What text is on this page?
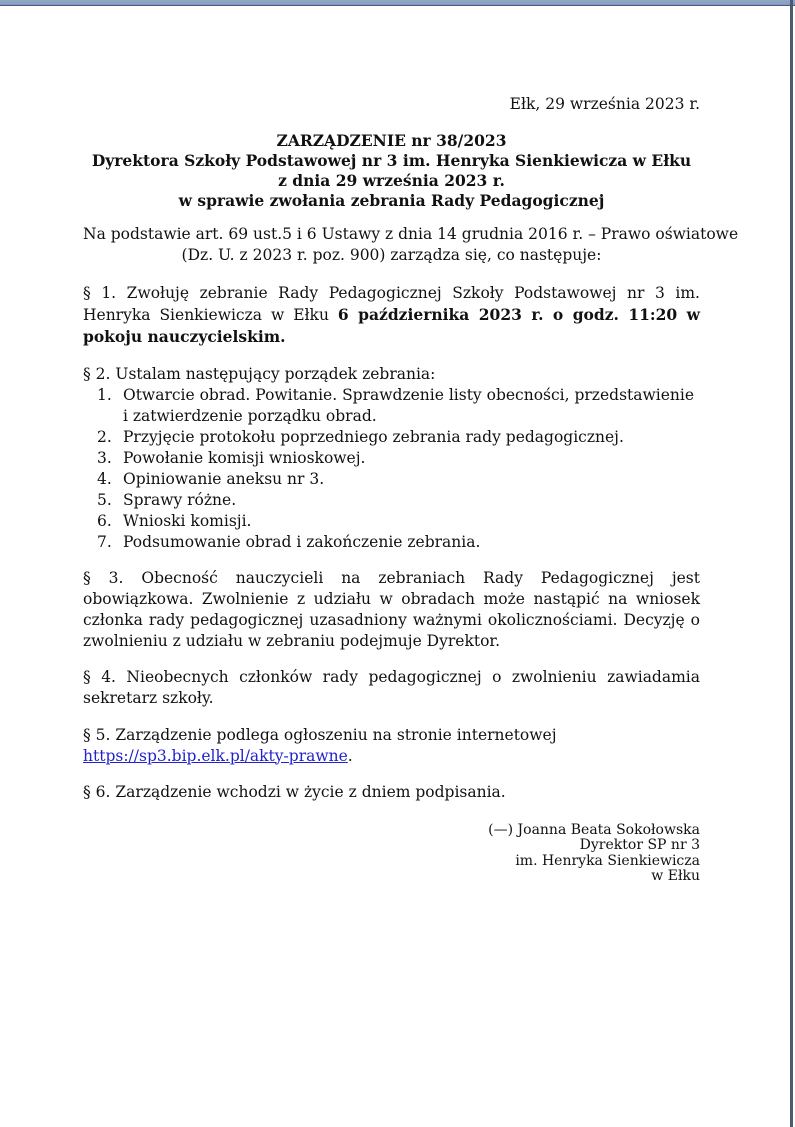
Ełk, 29 września 2023 r.
ZARZĄDZENIE nr 38/2023
Dyrektora Szkoły Podstawowej nr 3 im. Henryka Sienkiewicza w Ełku
z dnia 29 września 2023 r.
w sprawie zwołania zebrania Rady Pedagogicznej
Na podstawie art. 69 ust.5 i 6 Ustawy z dnia 14 grudnia 2016 r. – Prawo oświatowe
(Dz. U. z 2023 r. poz. 900) zarządza się, co następuje:

§ 1. Zwołuję zebranie Rady Pedagogicznej Szkoły Podstawowej nr 3 im. Henryka Sienkiewicza w Ełku 6 października 2023 r. o godz. 11:20 w pokoju nauczycielskim.

§ 2. Ustalam następujący porządek zebrania:
1. Otwarcie obrad. Powitanie. Sprawdzenie listy obecności, przedstawienie i zatwierdzenie porządku obrad.
2. Przyjęcie protokołu poprzedniego zebrania rady pedagogicznej.
3. Powołanie komisji wnioskowej.
4. Opiniowanie aneksu nr 3.
5. Sprawy różne.
6. Wnioski komisji.
7. Podsumowanie obrad i zakończenie zebrania.

§ 3. Obecność nauczycieli na zebraniach Rady Pedagogicznej jest obowiązkowa. Zwolnienie z udziału w obradach może nastąpić na wniosek członka rady pedagogicznej uzasadniony ważnymi okolicznościami. Decyzję o zwolnieniu z udziału w zebraniu podejmuje Dyrektor.

§ 4. Nieobecnych członków rady pedagogicznej o zwolnieniu zawiadamia sekretarz szkoły.

§ 5. Zarządzenie podlega ogłoszeniu na stronie internetowej
https://sp3.bip.elk.pl/akty-prawne.

§ 6. Zarządzenie wchodzi w życie z dniem podpisania.

(—) Joanna Beata Sokołowska
Dyrektor SP nr 3
im. Henryka Sienkiewicza
w Ełku
